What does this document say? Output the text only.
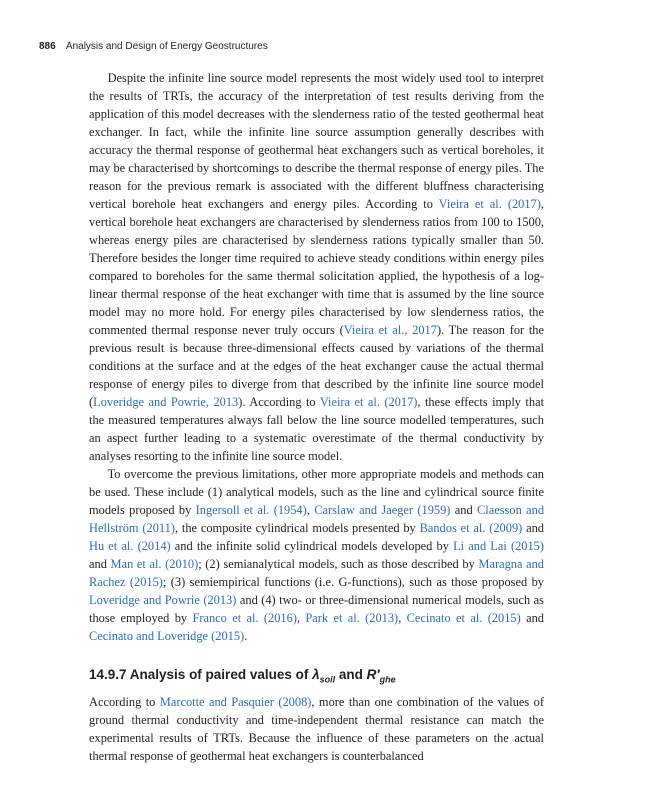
886 Analysis and Design of Energy Geostructures

Despite the infinite line source model represents the most widely used tool to interpret the results of TRTs, the accuracy of the interpretation of test results deriving from the application of this model decreases with the slenderness ratio of the tested geothermal heat exchanger. In fact, while the infinite line source assumption generally describes with accuracy the thermal response of geothermal heat exchangers such as vertical boreholes, it may be characterised by shortcomings to describe the thermal response of energy piles. The reason for the previous remark is associated with the different bluffness characterising vertical borehole heat exchangers and energy piles. According to Vieira et al. (2017), vertical borehole heat exchangers are characterised by slenderness ratios from 100 to 1500, whereas energy piles are characterised by slenderness rations typically smaller than 50. Therefore besides the longer time required to achieve steady conditions within energy piles compared to boreholes for the same thermal solicitation applied, the hypothesis of a log-linear thermal response of the heat exchanger with time that is assumed by the line source model may no more hold. For energy piles characterised by low slenderness ratios, the commented thermal response never truly occurs (Vieira et al., 2017). The reason for the previous result is because three-dimensional effects caused by variations of the thermal conditions at the surface and at the edges of the heat exchanger cause the actual thermal response of energy piles to diverge from that described by the infinite line source model (Loveridge and Powrie, 2013). According to Vieira et al. (2017), these effects imply that the measured temperatures always fall below the line source modelled temperatures, such an aspect further leading to a systematic overestimate of the thermal conductivity by analyses resorting to the infinite line source model.

To overcome the previous limitations, other more appropriate models and methods can be used. These include (1) analytical models, such as the line and cylindrical source finite models proposed by Ingersoll et al. (1954), Carslaw and Jaeger (1959) and Claesson and Hellström (2011), the composite cylindrical models presented by Bandos et al. (2009) and Hu et al. (2014) and the infinite solid cylindrical models developed by Li and Lai (2015) and Man et al. (2010); (2) semianalytical models, such as those described by Maragna and Rachez (2015); (3) semiempirical functions (i.e. G-functions), such as those proposed by Loveridge and Powrie (2013) and (4) two- or three-dimensional numerical models, such as those employed by Franco et al. (2016), Park et al. (2013), Cecinato et al. (2015) and Cecinato and Loveridge (2015).

14.9.7 Analysis of paired values of $\lambda_{soil}$ and $R'_{ghe}$

According to Marcotte and Pasquier (2008), more than one combination of the values of ground thermal conductivity and time-independent thermal resistance can match the experimental results of TRTs. Because the influence of these parameters on the actual thermal response of geothermal heat exchangers is counterbalanced
